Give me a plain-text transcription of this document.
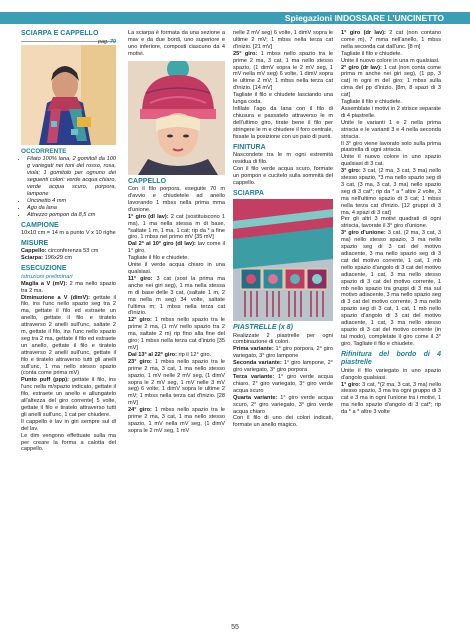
Spiegazioni INDOSSARE L'UNCINETTO
SCIARPA E CAPPELLO
pag. 70
OCCORRENTE
• Filato 100% lana, 2 gomitoli da 100 g variegati nei toni del rosso, rosa, viola; 1 gomitolo per ognuno dei seguenti colori: verde acqua chiaro, verde acqua scuro, porpora, lampone
• Uncinetto 4 mm
• Ago da lana
• Attrezzo pompon da 8,5 cm
CAMPIONE

10x10 cm = 14 m a punto V x 10 righe

MISURE

Cappello: circonferenza 53 cm

Sciarpa: 196x29 cm

ESECUZIONE
Istruzioni preliminari

Maglia a V (mV): 2 ma nello spazio tra 2 ma.

Diminuzione a V (dimV): gettate il filo, ins l'unc nello spazio seg tra 2 ma, gettate il filo ed estraete un anello, gettate il filo e tiratelo attraverso 2 anelli sull'unc, saltate 2 m, gettate il filo, ins l'unc nello spazio seg tra 2 ma, gettate il filo ed estraete un anello, gettate il filo e tiratelo attraverso 2 anelli sull'unc, gettate il filo e tiratelo attraverso tutti gli anelli sull'unc, 1 ma nello stesso spazio (conta come prima mV)

Punto puff (ppp): gettate il filo, ins l'unc nella m/spazio indicato, gettate il filo, estraete un anello e allungatelo all'altezza del giro corrente] 5 volte, gettate il filo e tiratelo attraverso tutti gli anelli sull'unc, 1 cat per chiudere.

Il cappello è lav in giri sempre sul dl del lav.

Le dim vengono effettuate sulla ma per creare la forma a calotta del cappello.

La sciarpa è formata da una sezione a mav e da due bordi, uno superiore e uno inferiore, composti ciascuno da 4 motivi.

CAPPELLO

Con il filo porpora, eseguite 70 m d'avvio e chiudetele ad anello lavorando 1 mbss nella prima mma d'unione.

1° giro (dl lav): 2 cat (sostituiscono 1 ma), 1 ma nella stessa m di base, *saltate 1 m, 1 ma, 1 cat; rip da * a fine giro, 1 mbss nel primo mV [35 mV]

Dal 2° al 10° giro (dl lav): lav come il 1° giro.

Tagliate il filo e chiudete.

Unite il verde acqua chiaro in una qualsiasi.

11° giro: 3 cat (sost la prima ma anche nei giri seg), 1 ma nella stessa m di base delle 3 cat, (saltate 1 m, 2 ma nella m seg) 34 volte, saltate l'ultima m; 1 mbss nella terza cat d'inizio.

12° giro: 1 mbss nello spazio tra le prime 2 ma, (1 mV nello spazio tra 2 ma, saltate 2 m) rip fino alla fine del giro; 1 mbss nella terza cat d'inizio [35 mV]

Dal 13° al 22° giro: rip il 12° giro.

23° giro: 1 mbss nello spazio tra le prime 2 ma, 3 cat, 1 ma nello stesso spazio, 1 mV nelle 2 mV seg, (1 dimV sopra le 2 mV seg, 1 mV nelle 3 mV seg) 6 volte, 1 dimV sopra le ultime 2 mV; 1 mbss nella terza cat d'inizio. [28 mV]

24° giro: 1 mbss nello spazio tra le prime 2 ma, 3 cat, 1 ma nello stesso spazio, 1 mV nella mV seg, (1 dimV sopra le 2 mV seg, 1 mV

nelle 2 mV seg) 6 volte, 1 dimV sopra le ultime 2 mV; 1 mbss nella terza cat d'inizio. [21 mV]

25° giro: 1 mbss nello spazio tra le prime 2 ma, 3 cat, 1 ma nello stesso spazio, (1 dimV sopra le 2 mV seg, 1 mV nella mV seg) 6 volte, 1 dimV sopra le ultime 2 mV; 1 mbss nella terza cat d'inizio. [14 mV]

Tagliate il filo e chiudete lasciando una lunga coda.

Infilate l'ago da lana con il filo di chiusura e passatelo attraverso le m dell'ultimo giro, tirate bene il filo per stringere le m e chiudere il foro centrale, fissate la posizione con un paio di punti.

FINITURA

Nascondete tra le m ogni estremità residua di filo.

Con il filo verde acqua scuro, formate un pompon e cucitelo sulla sommità del cappello.

SCIARPA
PIASTRELLE (x 8)

Realizzate 2 piastrelle per ogni combinazione di colori.

Prima variante: 1° giro porpora, 2° giro variegato, 3° giro lampone

Seconda variante: 1° giro lampone, 2° giro variegato, 3° giro porpora

Terza variante: 1° giro verde acqua chiaro, 2° giro variegato, 3° giro verde acqua scuro

Quarta variante: 1° giro verde acqua scuro, 2° giro variegato, 3° giro verde acqua chiaro

Con il filo di uno dei colori indicati, formate un anello magico.

1° giro (dr lav): 2 cat (non contano come m), 7 mma nell'anello, 1 mbss nella seconda cat dall'unc. [8 m]

Tagliate il filo e chiudete.

Unite il nuovo colore in una m qualsiasi.

2° giro (dr lav): 1 cat (non conta come prima m anche nei giri seg), (1 pp, 3 cat) in ogni m del giro; 1 mbss sulla cima del pp d'inizio. [8m, 8 spazi di 3 cat]

Tagliate il filo e chiudete.

Assemblate i motivi in 2 strisce separate di 4 piastrelle.

Unite le varianti 1 e 2 nella prima striscia e le varianti 3 e 4 nella seconda striscia.

Il 3° giro viene lavorato solo sulla prima piastrella di ogni striscia.

Unite il nuovo colore in uno spazio qualsiasi di 3 cat.

3° giro: 3 cat, (2 ma, 3 cat, 3 ma) nello stesso spazio, *3 ma nello spazio seg di 3 cat, (3 ma, 3 cat, 3 ma) nello spazio seg di 3 cat*; rip da * a * altre 2 volte, 3 ma nell'ultimo spazio di 3 cat; 1 mbss nella terza cat d'inizio. [12 gruppi di 3 ma, 4 spazi di 3 cat]

Per gli altri 3 motivi quadrati di ogni striscia, lavorate il 3° giro d'unione.

3° giro d'unione: 3 cat, (2 ma, 3 cat, 3 ma) nello stesso spazio, 3 ma nello spazio seg di 3 cat del motivo adiacente, 3 ma nello spazio seg di 3 cat del motivo corrente, 1 cat, 1 mb nello spazio d'angolo di 3 cat del motivo adiacente, 1 cat, 3 ma nello stesso spazio di 3 cat del motivo corrente, 1 mb nello spazio tra gruppi di 3 ma sul motivo adiacente, 3 ma nello spazio seg di 3 cat del motivo corrente, 3 ma nello spazio seg di 3 cat, 1 cat, 1 mb nello spazio d'angolo di 3 cat del motivo adiacente, 1 cat, 3 ma nello stesso spazio di 3 cat del motivo corrente (in tal modo), completate il giro come il 3° giro. Tagliate il filo e chiudete.

Rifinitura del bordo di 4 piastrelle

Unite il filo variegato in uno spazio d'angolo qualsiasi.

1° giro: 3 cat, *(2 ma, 3 cat, 3 ma) nello stesso spazio, 3 ma tra ogni gruppo di 3 cat e 3 ma in ogni l'unione tra i motivi, 1 ma nello spazio d'angolo di 3 cat*; rip da * a * altre 3 volte

55
